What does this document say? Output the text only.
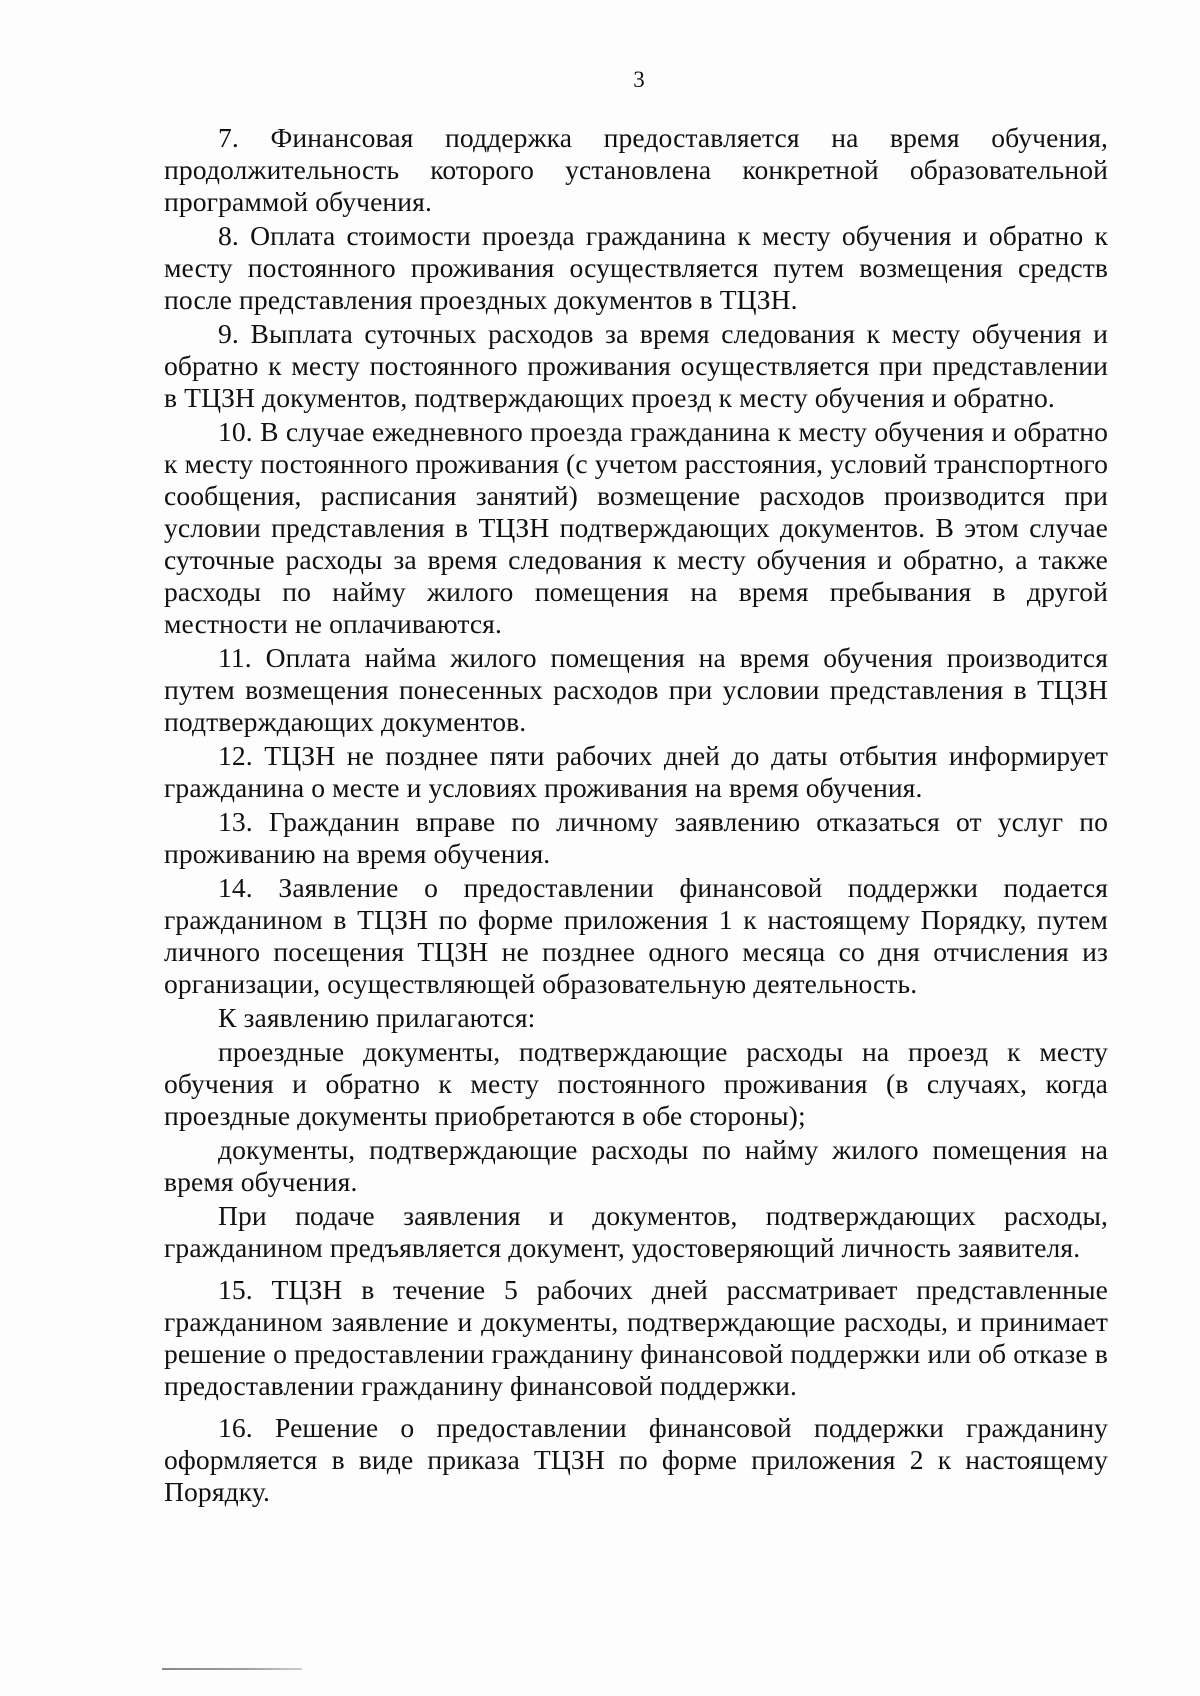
3

7. Финансовая поддержка предоставляется на время обучения, продолжительность которого установлена конкретной образовательной программой обучения.

8. Оплата стоимости проезда гражданина к месту обучения и обратно к месту постоянного проживания осуществляется путем возмещения средств после представления проездных документов в ТЦЗН.

9. Выплата суточных расходов за время следования к месту обучения и обратно к месту постоянного проживания осуществляется при представлении в ТЦЗН документов, подтверждающих проезд к месту обучения и обратно.

10. В случае ежедневного проезда гражданина к месту обучения и обратно к месту постоянного проживания (с учетом расстояния, условий транспортного сообщения, расписания занятий) возмещение расходов производится при условии представления в ТЦЗН подтверждающих документов. В этом случае суточные расходы за время следования к месту обучения и обратно, а также расходы по найму жилого помещения на время пребывания в другой местности не оплачиваются.

11. Оплата найма жилого помещения на время обучения производится путем возмещения понесенных расходов при условии представления в ТЦЗН подтверждающих документов.

12. ТЦЗН не позднее пяти рабочих дней до даты отбытия информирует гражданина о месте и условиях проживания на время обучения.

13. Гражданин вправе по личному заявлению отказаться от услуг по проживанию на время обучения.

14. Заявление о предоставлении финансовой поддержки подается гражданином в ТЦЗН по форме приложения 1 к настоящему Порядку, путем личного посещения ТЦЗН не позднее одного месяца со дня отчисления из организации, осуществляющей образовательную деятельность.

К заявлению прилагаются:

проездные документы, подтверждающие расходы на проезд к месту обучения и обратно к месту постоянного проживания (в случаях, когда проездные документы приобретаются в обе стороны);

документы, подтверждающие расходы по найму жилого помещения на время обучения.

При подаче заявления и документов, подтверждающих расходы, гражданином предъявляется документ, удостоверяющий личность заявителя.

15. ТЦЗН в течение 5 рабочих дней рассматривает представленные гражданином заявление и документы, подтверждающие расходы, и принимает решение о предоставлении гражданину финансовой поддержки или об отказе в предоставлении гражданину финансовой поддержки.

16. Решение о предоставлении финансовой поддержки гражданину оформляется в виде приказа ТЦЗН по форме приложения 2 к настоящему Порядку.
